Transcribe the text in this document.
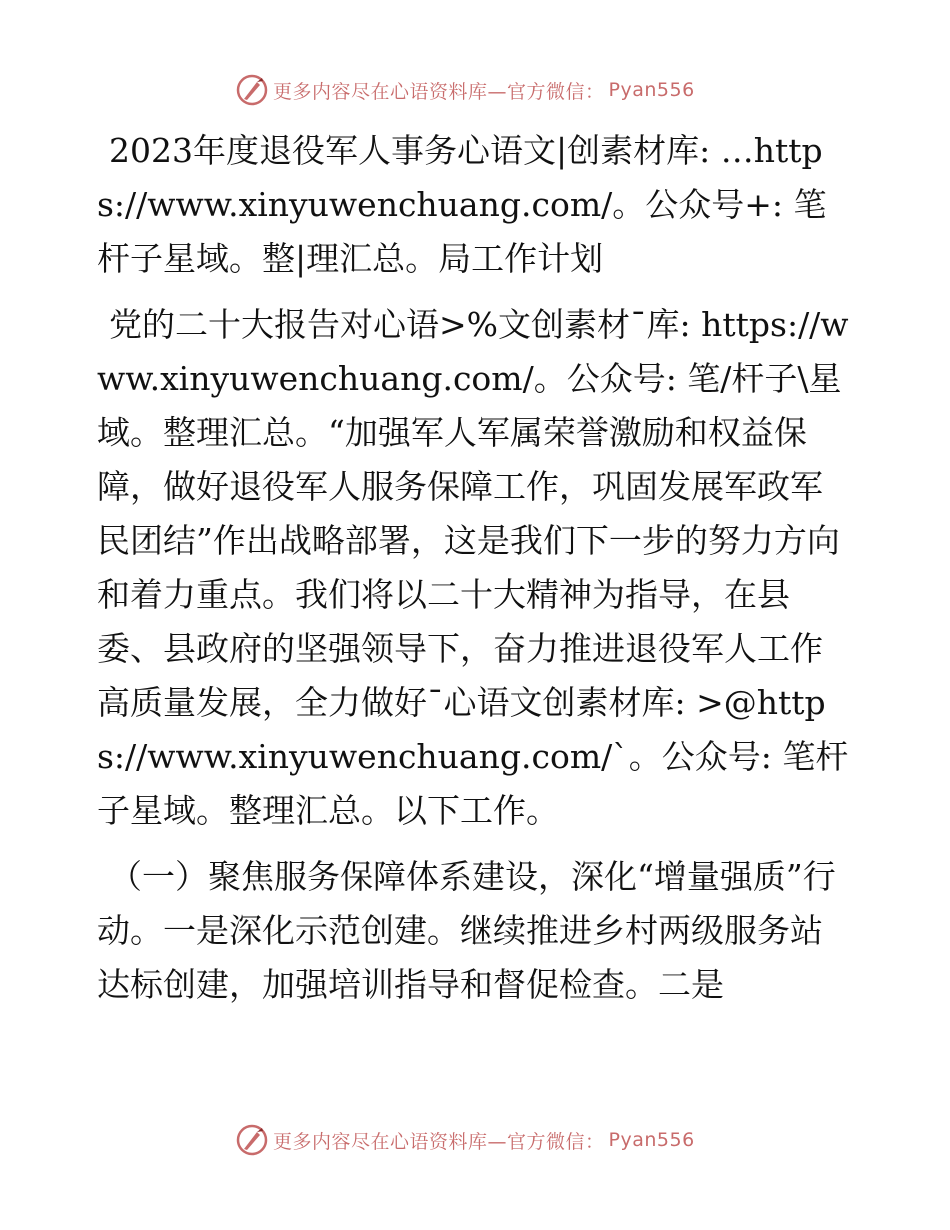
更多内容尽在心语资料库—官方微信： Pyan556

2023年度退役军人事务心语文|创素材库: …https://www.xinyuwenchuang.com/。公众号+: 笔杆子星域。整|理汇总。局工作计划

党的二十大报告对心语>%文创素材¯库: https://www.xinyuwenchuang.com/。公众号: 笔/杆子\星域。整理汇总。“加强军人军属荣誉激励和权益保障，做好退役军人服务保障工作，巩固发展军政军民团结”作出战略部署，这是我们下一步的努力方向和着力重点。我们将以二十大精神为指导，在县委、县政府的坚强领导下，奋力推进退役军人工作高质量发展，全力做好¯心语文创素材库: >@https://www.xinyuwenchuang.com/`。公众号: 笔杆子星域。整理汇总。以下工作。

（一）聚焦服务保障体系建设，深化“增量强质”行动。一是深化示范创建。继续推进乡村两级服务站达标创建，加强培训指导和督促检查。二是

更多内容尽在心语资料库—官方微信： Pyan556
